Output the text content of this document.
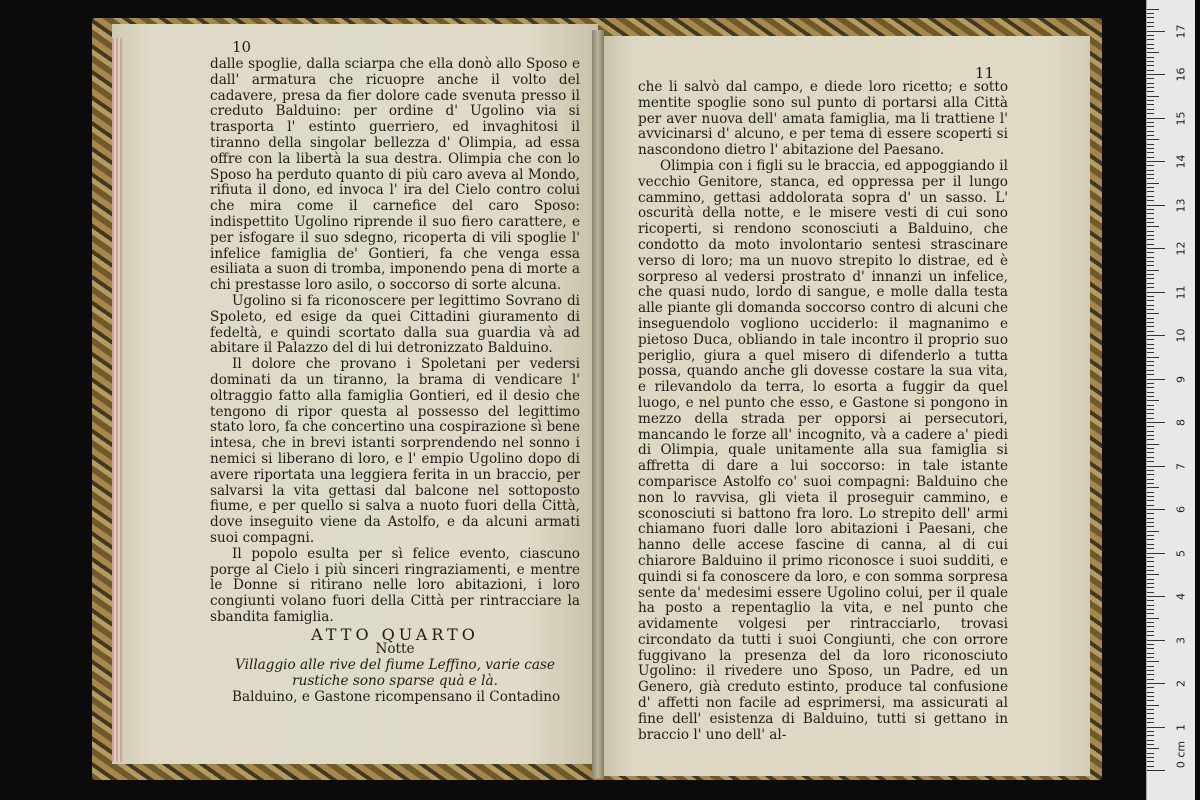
10

dalle spoglie, dalla sciarpa che ella donò allo Sposo e dall' armatura che ricuopre anche il volto del cadavere, presa da fier dolore cade svenuta presso il creduto Balduino: per ordine d' Ugolino via si trasporta l' estinto guerriero, ed invaghitosi il tiranno della singolar bellezza d' Olimpia, ad essa offre con la libertà la sua destra. Olimpia che con lo Sposo ha perduto quanto di più caro aveva al Mondo, rifiuta il dono, ed invoca l' ira del Cielo contro colui che mira come il carnefice del caro Sposo: indispettito Ugolino riprende il suo fiero carattere, e per isfogare il suo sdegno, ricoperta di vili spoglie l' infelice famiglia de' Gontieri, fa che venga essa esiliata a suon di tromba, imponendo pena di morte a chi prestasse loro asilo, o soccorso di sorte alcuna.

Ugolino si fa riconoscere per legittimo Sovrano di Spoleto, ed esige da quei Cittadini giuramento di fedeltà, e quindi scortato dalla sua guardia và ad abitare il Palazzo del di lui detronizzato Balduino.

Il dolore che provano i Spoletani per vedersi dominati da un tiranno, la brama di vendicare l' oltraggio fatto alla famiglia Gontieri, ed il desio che tengono di ripor questa al possesso del legittimo stato loro, fa che concertino una cospirazione sì bene intesa, che in brevi istanti sorprendendo nel sonno i nemici si liberano di loro, e l' empio Ugolino dopo di avere riportata una leggiera ferita in un braccio, per salvarsi la vita gettasi dal balcone nel sottoposto fiume, e per quello si salva a nuoto fuori della Città, dove inseguito viene da Astolfo, e da alcuni armati suoi compagni.

Il popolo esulta per sì felice evento, ciascuno porge al Cielo i più sinceri ringraziamenti, e mentre le Donne si ritirano nelle loro abitazioni, i loro congiunti volano fuori della Città per rintracciare la sbandita famiglia.

ATTO QUARTO
Notte
Villaggio alle rive del fiume Leffino, varie case rustiche sono sparse quà e là.

Balduino, e Gastone ricompensano il Contadino

11

che li salvò dal campo, e diede loro ricetto; e sotto mentite spoglie sono sul punto di portarsi alla Città per aver nuova dell' amata famiglia, ma li trattiene l' avvicinarsi d' alcuno, e per tema di essere scoperti si nascondono dietro l' abitazione del Paesano.

Olimpia con i figli su le braccia, ed appoggiando il vecchio Genitore, stanca, ed oppressa per il lungo cammino, gettasi addolorata sopra d' un sasso. L' oscurità della notte, e le misere vesti di cui sono ricoperti, si rendono sconosciuti a Balduino, che condotto da moto involontario sentesi strascinare verso di loro; ma un nuovo strepito lo distrae, ed è sorpreso al vedersi prostrato d' innanzi un infelice, che quasi nudo, lordo di sangue, e molle dalla testa alle piante gli domanda soccorso contro di alcuni che inseguendolo vogliono ucciderlo: il magnanimo e pietoso Duca, obliando in tale incontro il proprio suo periglio, giura a quel misero di difenderlo a tutta possa, quando anche gli dovesse costare la sua vita, e rilevandolo da terra, lo esorta a fuggir da quel luogo, e nel punto che esso, e Gastone si pongono in mezzo della strada per opporsi ai persecutori, mancando le forze all' incognito, và a cadere a' piedi di Olimpia, quale unitamente alla sua famiglia si affretta di dare a lui soccorso: in tale istante comparisce Astolfo co' suoi compagni: Balduino che non lo ravvisa, gli vieta il proseguir cammino, e sconosciuti si battono fra loro. Lo strepito dell' armi chiamano fuori dalle loro abitazioni i Paesani, che hanno delle accese fascine di canna, al di cui chiarore Balduino il primo riconosce i suoi sudditi, e quindi si fa conoscere da loro, e con somma sorpresa sente da' medesimi essere Ugolino colui, per il quale ha posto a repentaglio la vita, e nel punto che avidamente volgesi per rintracciarlo, trovasi circondato da tutti i suoi Congiunti, che con orrore fuggivano la presenza del da loro riconosciuto Ugolino: il rivedere uno Sposo, un Padre, ed un Genero, già creduto estinto, produce tal confusione d' affetti non facile ad esprimersi, ma assicurati al fine dell' esistenza di Balduino, tutti si gettano in braccio l' uno dell' al-

0 cm
1
2
3
4
5
6
7
8
9
10
11
12
13
14
15
16
17
